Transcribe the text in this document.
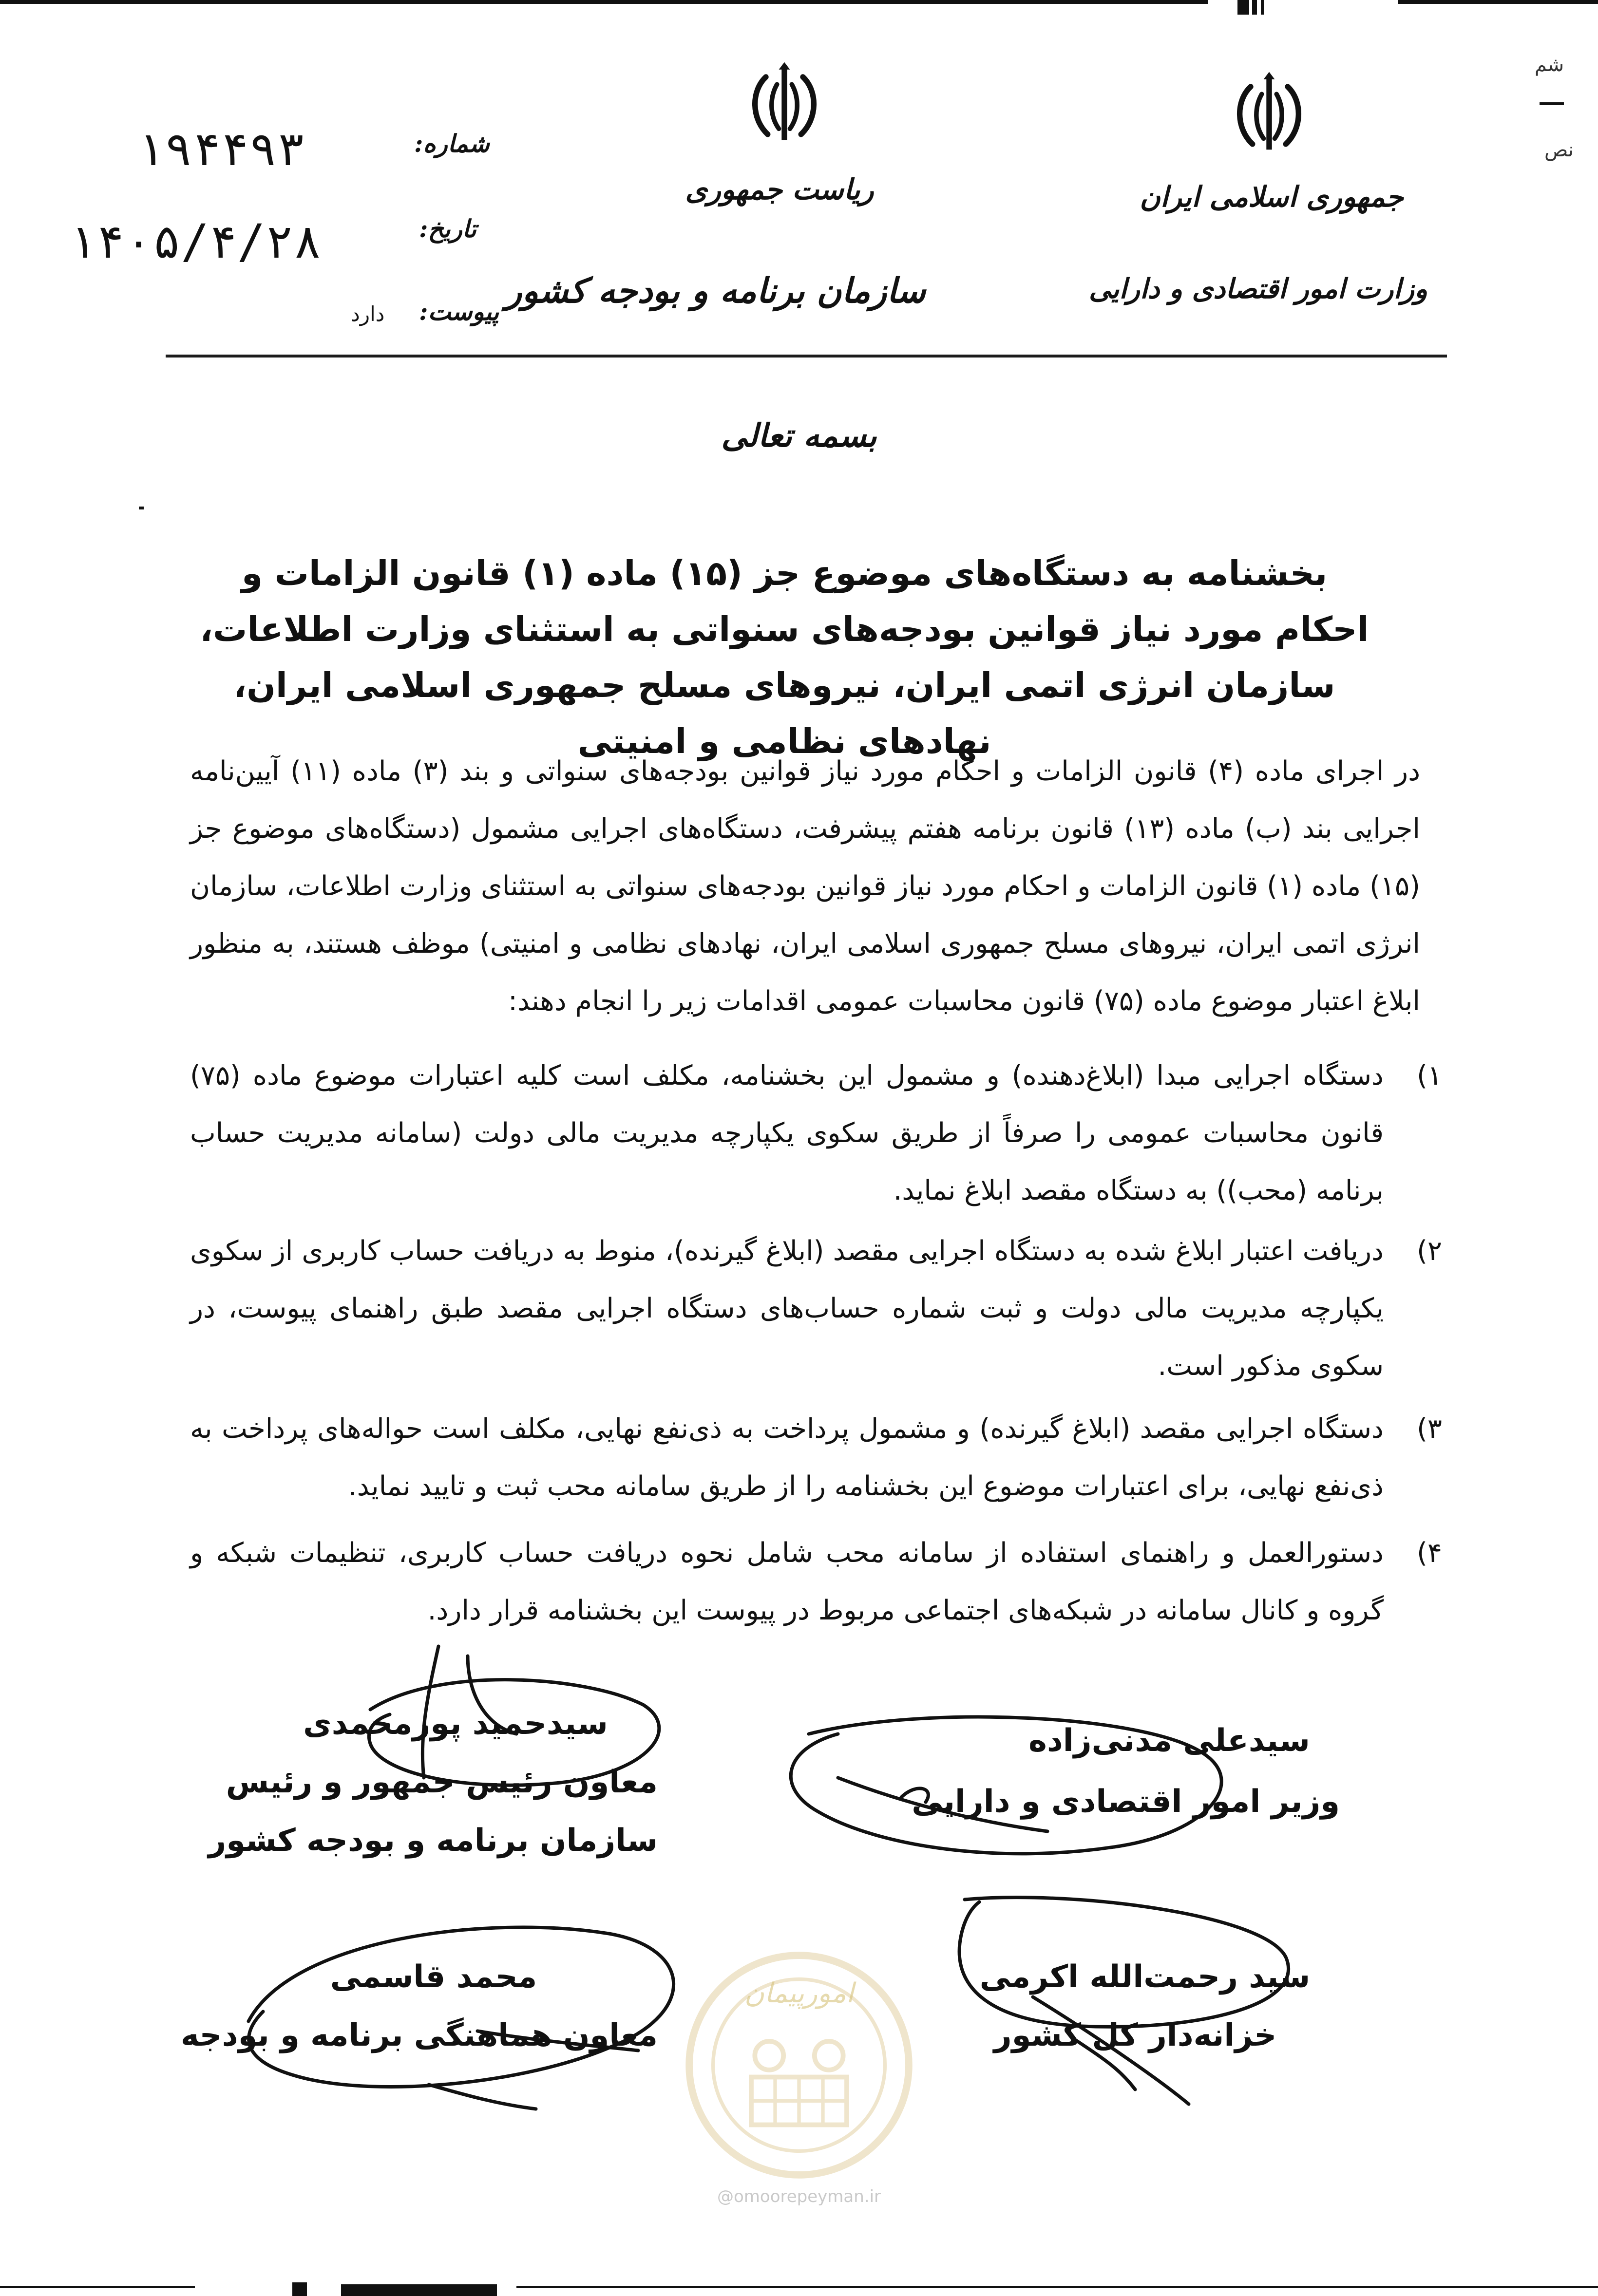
جمهوری اسلامی ایران
وزارت امور اقتصادی و دارایی
ریاست جمهوری
سازمان برنامه و بودجه کشور
شماره:
۱۹۴۴۹۳
تاریخ:
۱۴۰۵/۴/۲۸
پیوست:
دارد
بسمه تعالی
بخشنامه به دستگاه‌های موضوع جز (۱۵) ماده (۱) قانون الزامات و احکام مورد نیاز قوانین بودجه‌های سنواتی به استثنای وزارت اطلاعات، سازمان انرژی اتمی ایران، نیروهای مسلح جمهوری اسلامی ایران، نهادهای نظامی و امنیتی
در اجرای ماده (۴) قانون الزامات و احکام مورد نیاز قوانین بودجه‌های سنواتی و بند (۳) ماده (۱۱) آیین‌نامه اجرایی بند (ب) ماده (۱۳) قانون برنامه هفتم پیشرفت، دستگاه‌های اجرایی مشمول (دستگاه‌های موضوع جز (۱۵) ماده (۱) قانون الزامات و احکام مورد نیاز قوانین بودجه‌های سنواتی به استثنای وزارت اطلاعات، سازمان انرژی اتمی ایران، نیروهای مسلح جمهوری اسلامی ایران، نهادهای نظامی و امنیتی) موظف هستند، به منظور ابلاغ اعتبار موضوع ماده (۷۵) قانون محاسبات عمومی اقدامات زیر را انجام دهند:
۱)
دستگاه اجرایی مبدا (ابلاغ‌دهنده) و مشمول این بخشنامه، مکلف است کلیه اعتبارات موضوع ماده (۷۵) قانون محاسبات عمومی را صرفاً از طریق سکوی یکپارچه مدیریت مالی دولت (سامانه مدیریت حساب برنامه (محب)) به دستگاه مقصد ابلاغ نماید.
۲)
دریافت اعتبار ابلاغ شده به دستگاه اجرایی مقصد (ابلاغ گیرنده)، منوط به دریافت حساب کاربری از سکوی یکپارچه مدیریت مالی دولت و ثبت شماره حساب‌های دستگاه اجرایی مقصد طبق راهنمای پیوست، در سکوی مذکور است.
۳)
دستگاه اجرایی مقصد (ابلاغ گیرنده) و مشمول پرداخت به ذی‌نفع نهایی، مکلف است حواله‌های پرداخت به ذی‌نفع نهایی، برای اعتبارات موضوع این بخشنامه را از طریق سامانه محب ثبت و تایید نماید.
۴)
دستورالعمل و راهنمای استفاده از سامانه محب شامل نحوه دریافت حساب کاربری، تنظیمات شبکه و گروه و کانال سامانه در شبکه‌های اجتماعی مربوط در پیوست این بخشنامه قرار دارد.
امورپیمان
@omoorepeyman.ir
سیدعلی مدنی‌زاده
وزیر امور اقتصادی و دارایی
سیدحمید پورمحمدی
معاون رئیس جمهور و رئیس
سازمان برنامه و بودجه کشور
سید رحمت‌الله اکرمی
خزانه‌دار کل کشور
محمد قاسمی
معاون هماهنگی برنامه و بودجه
شم
نص
